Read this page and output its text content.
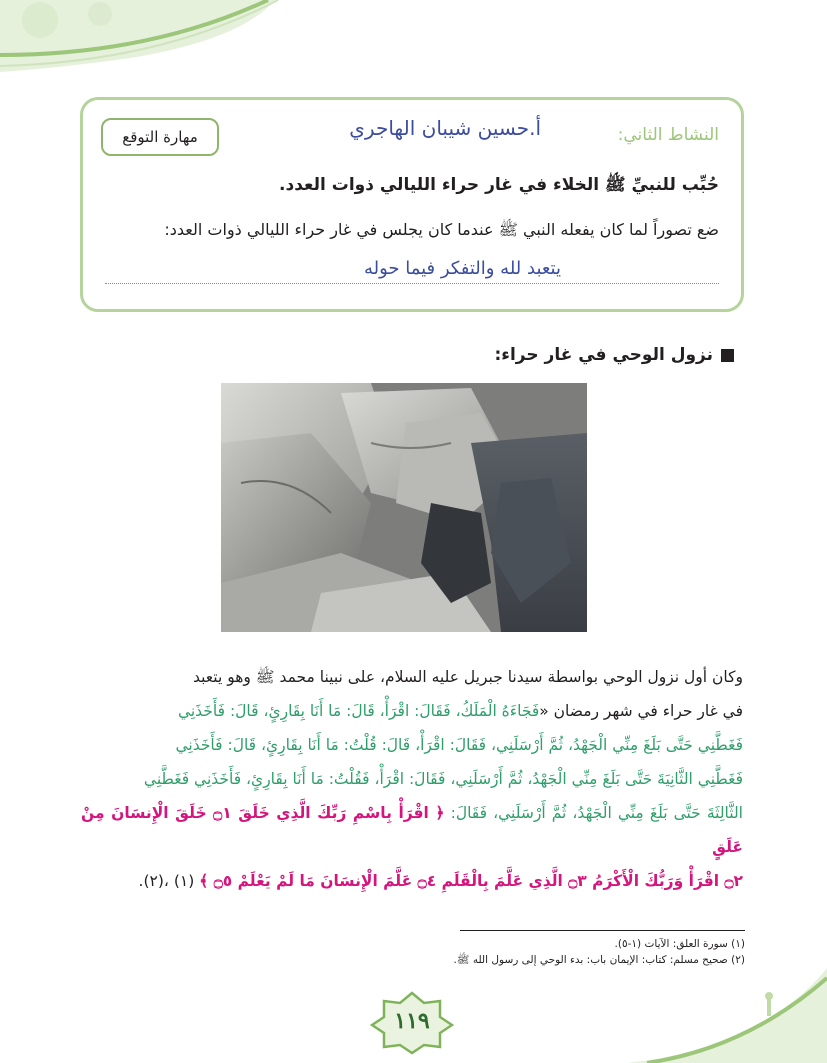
النشاط الثاني:
أ.حسين شيبان الهاجري
مهارة التوقع
حُبِّب للنبيِّ ﷺ الخلاء في غار حراء الليالي ذوات العدد.
ضع تصوراً لما كان يفعله النبي ﷺ عندما كان يجلس في غار حراء الليالي ذوات العدد:
يتعبد لله والتفكر فيما حوله
نزول الوحي في غار حراء:
وكان أول نزول الوحي بواسطة سيدنا جبريل عليه السلام، على نبينا محمد ﷺ وهو يتعبد
في غار حراء في شهر رمضان «فَجَاءَهُ الْمَلَكُ، فَقَالَ: اقْرَأْ، قَالَ: مَا أَنَا بِقَارِئٍ، قَالَ: فَأَخَذَنِي
فَغَطَّنِي حَتَّى بَلَغَ مِنِّي الْجَهْدُ، ثُمَّ أَرْسَلَنِي، فَقَالَ: اقْرَأْ، قَالَ: قُلْتُ: مَا أَنَا بِقَارِئٍ، قَالَ: فَأَخَذَنِي
فَغَطَّنِي الثَّانِيَةَ حَتَّى بَلَغَ مِنِّي الْجَهْدُ، ثُمَّ أَرْسَلَنِي، فَقَالَ: اقْرَأْ، فَقُلْتُ: مَا أَنَا بِقَارِئٍ، فَأَخَذَنِي فَغَطَّنِي
الثَّالِثَةَ حَتَّى بَلَغَ مِنِّي الْجَهْدُ، ثُمَّ أَرْسَلَنِي، فَقَالَ: ﴿ اقْرَأْ بِاسْمِ رَبِّكَ الَّذِي خَلَقَ ۝١ خَلَقَ الْإِنسَانَ مِنْ عَلَقٍ
۝٢ اقْرَأْ وَرَبُّكَ الْأَكْرَمُ ۝٣ الَّذِي عَلَّمَ بِالْقَلَمِ ۝٤ عَلَّمَ الْإِنسَانَ مَا لَمْ يَعْلَمْ ۝٥ ﴾ (١) ،(٢).
(١) سورة العلق: الآيات (١-٥).
(٢) صحيح مسلم: كتاب: الإيمان باب: بدء الوحي إلى رسول الله ﷺ.
١١٩
